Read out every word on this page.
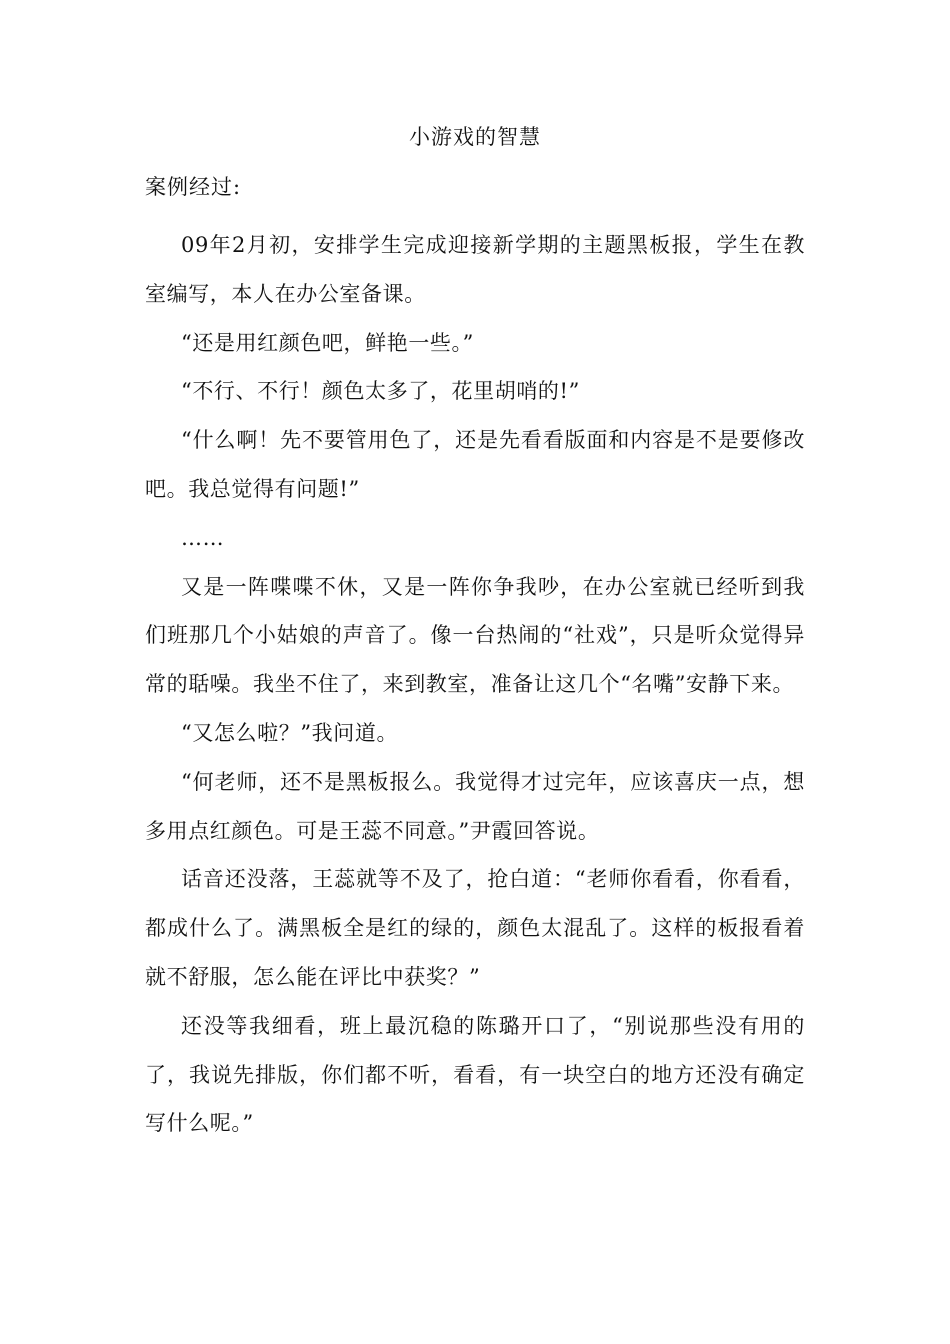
小游戏的智慧
案例经过:

09年2月初，安排学生完成迎接新学期的主题黑板报，学生在教室编写，本人在办公室备课。

“还是用红颜色吧，鲜艳一些。”

“不行、不行！颜色太多了，花里胡哨的!”

“什么啊！先不要管用色了，还是先看看版面和内容是不是要修改吧。我总觉得有问题!”

……

又是一阵喋喋不休，又是一阵你争我吵，在办公室就已经听到我们班那几个小姑娘的声音了。像一台热闹的“社戏”，只是听众觉得异常的聒噪。我坐不住了，来到教室，准备让这几个“名嘴”安静下来。

“又怎么啦？”我问道。

“何老师，还不是黑板报么。我觉得才过完年，应该喜庆一点，想多用点红颜色。可是王蕊不同意。”尹霞回答说。

话音还没落，王蕊就等不及了，抢白道：“老师你看看，你看看，都成什么了。满黑板全是红的绿的，颜色太混乱了。这样的板报看着就不舒服，怎么能在评比中获奖？”

还没等我细看，班上最沉稳的陈璐开口了，“别说那些没有用的了，我说先排版，你们都不听，看看，有一块空白的地方还没有确定写什么呢。”
